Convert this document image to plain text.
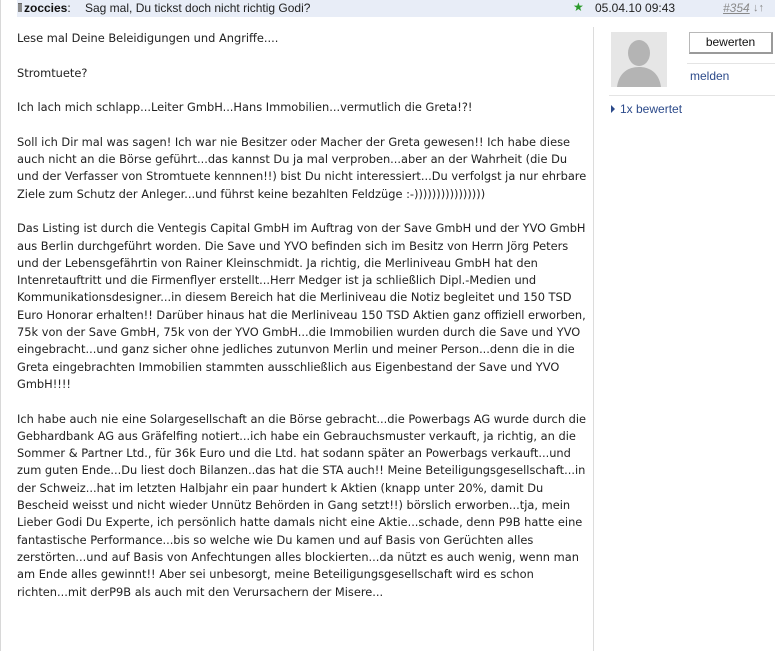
zoccies: Sag mal, Du tickst doch nicht richtig Godi?	★ 05.04.10 09:43	#354 ↓↑

Lese mal Deine Beleidigungen und Angriffe....

Stromtuete?

Ich lach mich schlapp...Leiter GmbH...Hans Immobilien...vermutlich die Greta!?!

Soll ich Dir mal was sagen! Ich war nie Besitzer oder Macher der Greta gewesen!! Ich habe diese auch nicht an die Börse geführt...das kannst Du ja mal verproben...aber an der Wahrheit (die Du und der Verfasser von Stromtuete kennnen!!) bist Du nicht interessiert...Du verfolgst ja nur ehrbare Ziele zum Schutz der Anleger...und führst keine bezahlten Feldzüge :-))))))))))))))))

Das Listing ist durch die Ventegis Capital GmbH im Auftrag von der Save GmbH und der YVO GmbH aus Berlin durchgeführt worden. Die Save und YVO befinden sich im Besitz von Herrn Jörg Peters und der Lebensgefährtin von Rainer Kleinschmidt. Ja richtig, die Merliniveau GmbH hat den Intenretauftritt und die Firmenflyer erstellt...Herr Medger ist ja schließlich Dipl.-Medien und Kommunikationsdesigner...in diesem Bereich hat die Merliniveau die Notiz begleitet und 150 TSD Euro Honorar erhalten!! Darüber hinaus hat die Merliniveau 150 TSD Aktien ganz offiziell erworben, 75k von der Save GmbH, 75k von der YVO GmbH...die Immobilien wurden durch die Save und YVO eingebracht...und ganz sicher ohne jedliches zutunvon Merlin und meiner Person...denn die in die Greta eingebrachten Immobilien stammten ausschließlich aus Eigenbestand der Save und YVO GmbH!!!!

Ich habe auch nie eine Solargesellschaft an die Börse gebracht...die Powerbags AG wurde durch die Gebhardbank AG aus Gräfelfing notiert...ich habe ein Gebrauchsmuster verkauft, ja richtig, an die Sommer & Partner Ltd., für 36k Euro und die Ltd. hat sodann später an Powerbags verkauft...und zum guten Ende...Du liest doch Bilanzen..das hat die STA auch!! Meine Beteiligungsgesellschaft...in der Schweiz...hat im letzten Halbjahr ein paar hundert k Aktien (knapp unter 20%, damit Du Bescheid weisst und nicht wieder Unnütz Behörden in Gang setzt!!) börslich erworben...tja, mein Lieber Godi Du Experte, ich persönlich hatte damals nicht eine Aktie...schade, denn P9B hatte eine fantastische Performance...bis so welche wie Du kamen und auf Basis von Gerüchten alles zerstörten...und auf Basis von Anfechtungen alles blockierten...da nützt es auch wenig, wenn man am Ende alles gewinnt!! Aber sei unbesorgt, meine Beteiligungsgesellschaft wird es schon richten...mit derP9B als auch mit den Verursachern der Misere...

bewerten
melden
1x bewertet
